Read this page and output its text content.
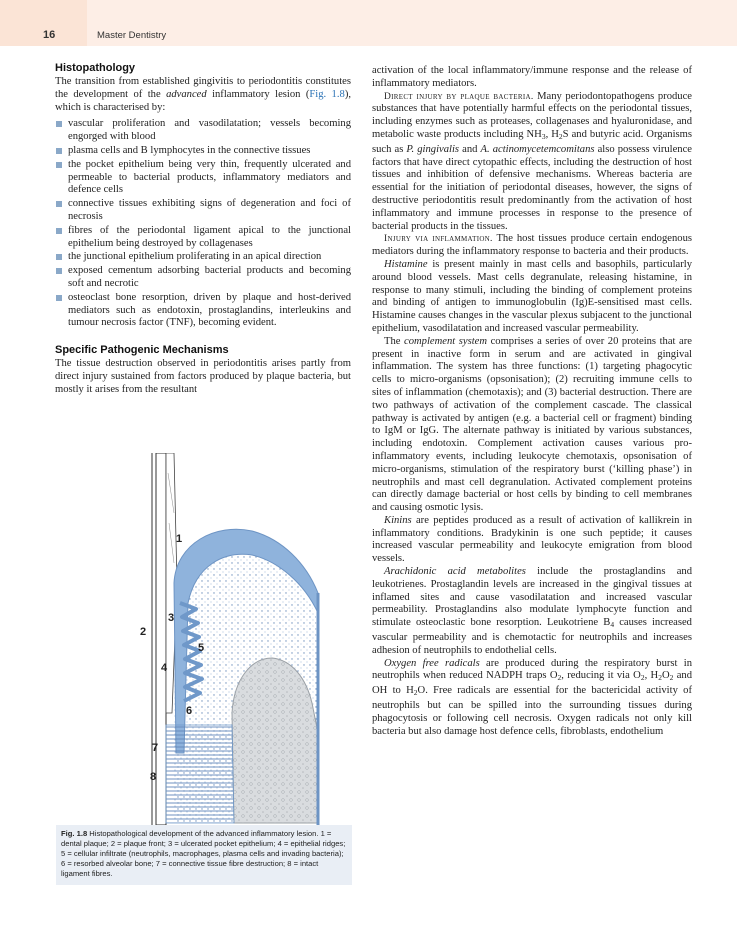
16	Master Dentistry
Histopathology

The transition from established gingivitis to periodontitis constitutes the development of the advanced inflammatory lesion (Fig. 1.8), which is characterised by:

vascular proliferation and vasodilatation; vessels becoming engorged with blood
plasma cells and B lymphocytes in the connective tissues
the pocket epithelium being very thin, frequently ulcerated and permeable to bacterial products, inflammatory mediators and defence cells
connective tissues exhibiting signs of degeneration and foci of necrosis
fibres of the periodontal ligament apical to the junctional epithelium being destroyed by collagenases
the junctional epithelium proliferating in an apical direction
exposed cementum adsorbing bacterial products and becoming soft and necrotic
osteoclast bone resorption, driven by plaque and host-derived mediators such as endotoxin, prostaglandins, interleukins and tumour necrosis factor (TNF), becoming evident.
Specific Pathogenic Mechanisms

The tissue destruction observed in periodontitis arises partly from direct injury sustained from factors produced by plaque bacteria, but mostly it arises from the resultant

1
2
3
4
5
6
7
8
Fig. 1.8 Histopathological development of the advanced inflammatory lesion. 1 = dental plaque; 2 = plaque front; 3 = ulcerated pocket epithelium; 4 = epithelial ridges; 5 = cellular infiltrate (neutrophils, macrophages, plasma cells and invading bacteria); 6 = resorbed alveolar bone; 7 = connective tissue fibre destruction; 8 = intact ligament fibres.

activation of the local inflammatory/immune response and the release of inflammatory mediators.

Direct injury by plaque bacteria. Many periodontopathogens produce substances that have potentially harmful effects on the periodontal tissues, including enzymes such as proteases, collagenases and hyaluronidase, and metabolic waste products including $NH_3$, $H_2S$ and butyric acid. Organisms such as P. gingivalis and A. actinomycetemcomitans also possess virulence factors that have direct cytopathic effects, including the destruction of host tissues and inhibition of defensive mechanisms. Whereas bacteria are essential for the initiation of periodontal diseases, however, the signs of destructive periodontitis result predominantly from the activation of host inflammatory and immune processes in response to the presence of bacterial products in the tissues.

Injury via inflammation. The host tissues produce certain endogenous mediators during the inflammatory response to bacteria and their products.

Histamine is present mainly in mast cells and basophils, particularly around blood vessels. Mast cells degranulate, releasing histamine, in response to many stimuli, including the binding of complement proteins and binding of antigen to immunoglobulin (Ig)E-sensitised mast cells. Histamine causes changes in the vascular plexus subjacent to the junctional epithelium, vasodilatation and increased vascular permeability.

The complement system comprises a series of over 20 proteins that are present in inactive form in serum and are activated in gingival inflammation. The system has three functions: (1) targeting phagocytic cells to micro-organisms (opsonisation); (2) recruiting immune cells to sites of inflammation (chemotaxis); and (3) bacterial destruction. There are two pathways of activation of the complement cascade. The classical pathway is activated by antigen (e.g. a bacterial cell or fragment) binding to IgM or IgG. The alternate pathway is initiated by various substances, including endotoxin. Complement activation causes various pro-inflammatory events, including leukocyte chemotaxis, opsonisation of micro-organisms, stimulation of the respiratory burst (‘killing phase’) in neutrophils and mast cell degranulation. Activated complement proteins can directly damage bacterial or host cells by binding to cell membranes and causing osmotic lysis.

Kinins are peptides produced as a result of activation of kallikrein in inflammatory conditions. Bradykinin is one such peptide; it causes increased vascular permeability and leukocyte emigration from blood vessels.

Arachidonic acid metabolites include the prostaglandins and leukotrienes. Prostaglandin levels are increased in the gingival tissues at inflamed sites and cause vasodilatation and increased vascular permeability. Prostaglandins also modulate lymphocyte function and stimulate osteoclastic bone resorption. Leukotriene $B_4$ causes increased vascular permeability and is chemotactic for neutrophils and increases adhesion of neutrophils to endothelial cells.

Oxygen free radicals are produced during the respiratory burst in neutrophils when reduced NADPH traps $O_2$, reducing it via $O_2$, $H_2O_2$ and OH to $H_2O$. Free radicals are essential for the bactericidal activity of neutrophils but can be spilled into the surrounding tissues during phagocytosis or following cell necrosis. Oxygen radicals not only kill bacteria but also damage host defence cells, fibroblasts, endothelium
